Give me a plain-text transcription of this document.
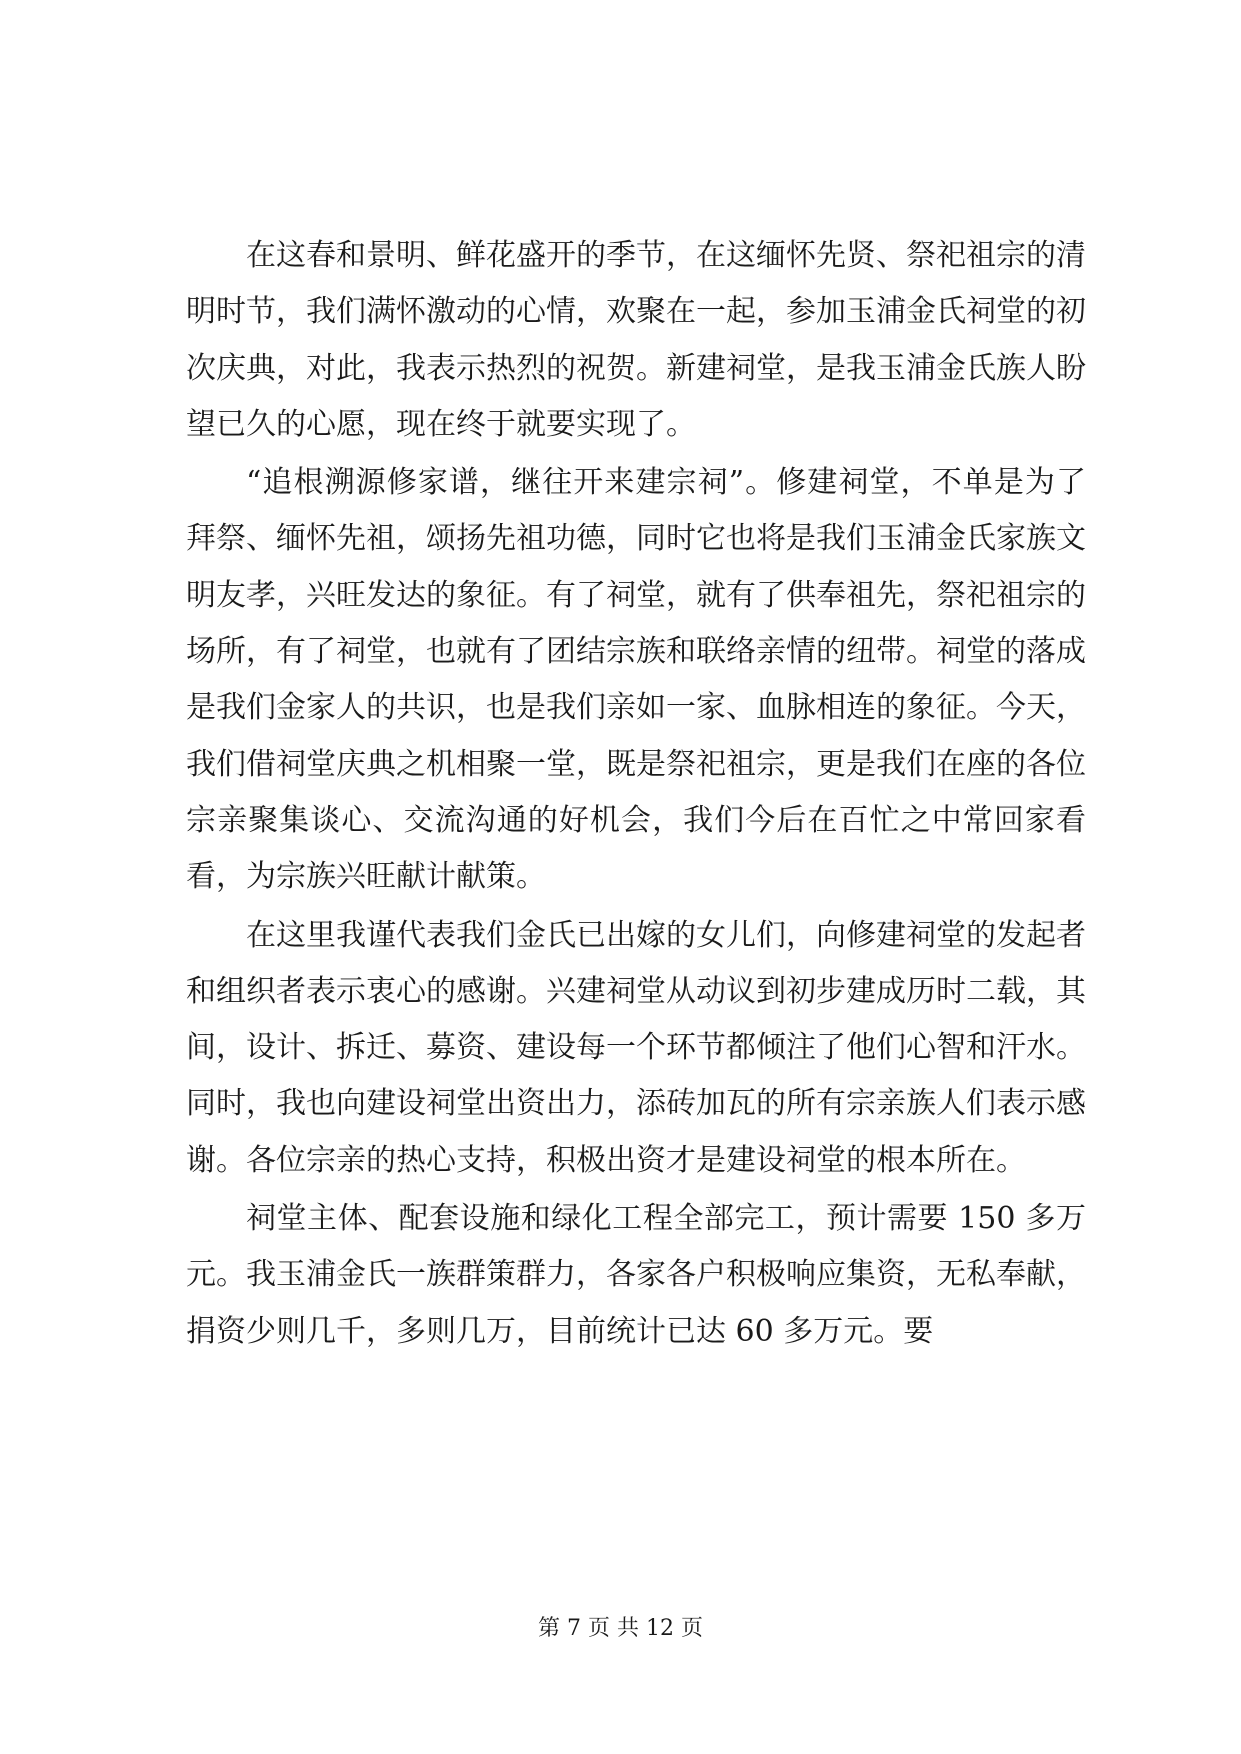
在这春和景明、鲜花盛开的季节，在这缅怀先贤、祭祀祖宗的清明时节，我们满怀激动的心情，欢聚在一起，参加玉浦金氏祠堂的初次庆典，对此，我表示热烈的祝贺。新建祠堂，是我玉浦金氏族人盼望已久的心愿，现在终于就要实现了。

“追根溯源修家谱，继往开来建宗祠”。修建祠堂，不单是为了拜祭、缅怀先祖，颂扬先祖功德，同时它也将是我们玉浦金氏家族文明友孝，兴旺发达的象征。有了祠堂，就有了供奉祖先，祭祀祖宗的场所，有了祠堂，也就有了团结宗族和联络亲情的纽带。祠堂的落成是我们金家人的共识，也是我们亲如一家、血脉相连的象征。今天，我们借祠堂庆典之机相聚一堂，既是祭祀祖宗，更是我们在座的各位宗亲聚集谈心、交流沟通的好机会，我们今后在百忙之中常回家看看，为宗族兴旺献计献策。

在这里我谨代表我们金氏已出嫁的女儿们，向修建祠堂的发起者和组织者表示衷心的感谢。兴建祠堂从动议到初步建成历时二载，其间，设计、拆迁、募资、建设每一个环节都倾注了他们心智和汗水。同时，我也向建设祠堂出资出力，添砖加瓦的所有宗亲族人们表示感谢。各位宗亲的热心支持，积极出资才是建设祠堂的根本所在。

祠堂主体、配套设施和绿化工程全部完工，预计需要 150 多万元。我玉浦金氏一族群策群力，各家各户积极响应集资，无私奉献，捐资少则几千，多则几万，目前统计已达 60 多万元。要

第 7 页 共 12 页
